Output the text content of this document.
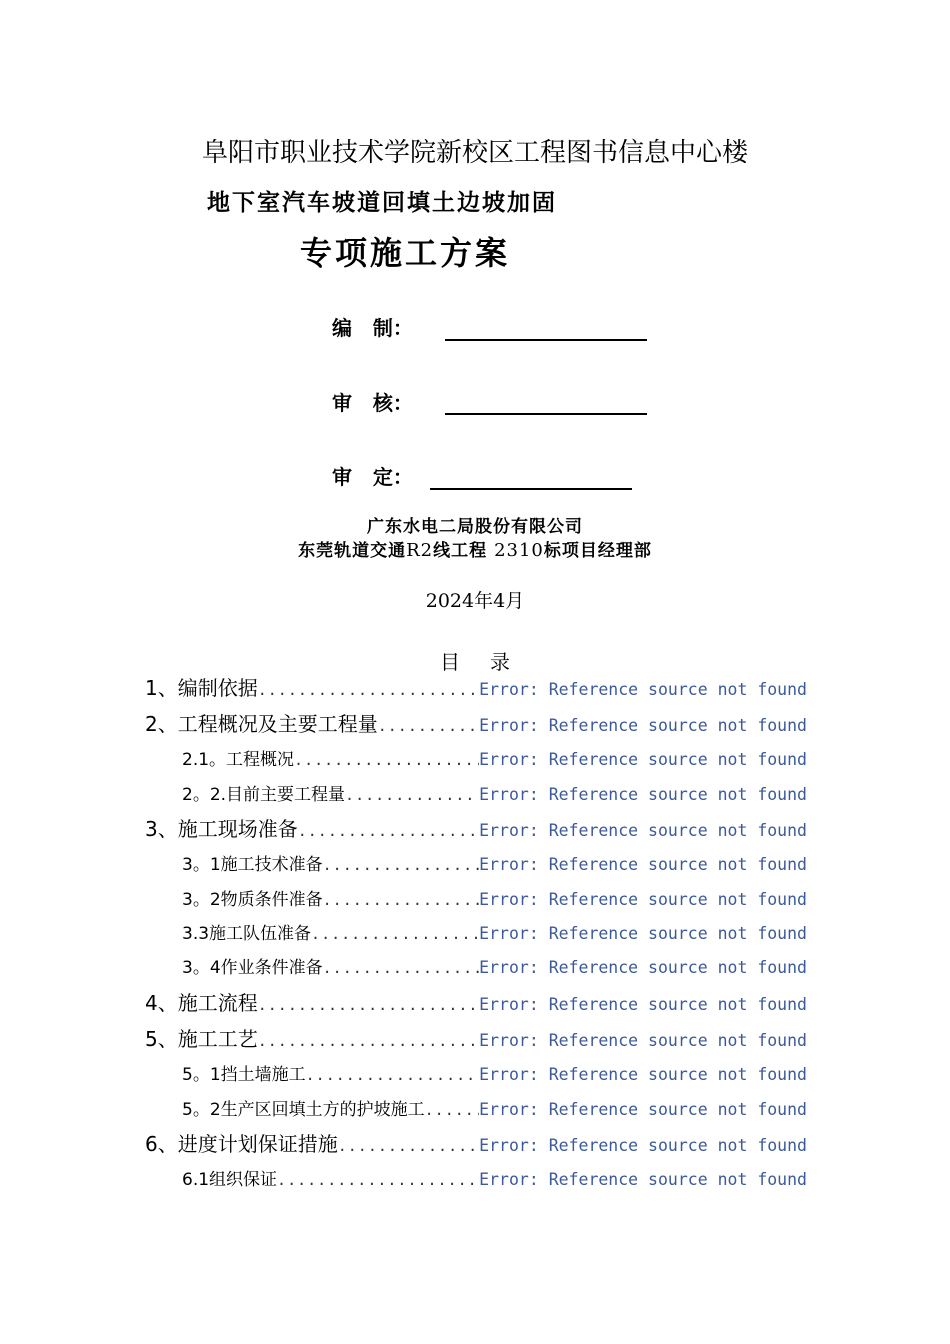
阜阳市职业技术学院新校区工程图书信息中心楼
地下室汽车坡道回填土边坡加固
专项施工方案
编   制：
审   核：
审   定：
广东水电二局股份有限公司
东莞轨道交通R2线工程 2310标项目经理部
2024年4月
目录
1、编制依据 .....	Error: Reference source not found
2、工程概况及主要工程量 .....	Error: Reference source not found
2.1。工程概况 .....	Error: Reference source not found
2。2.目前主要工程量 .....	Error: Reference source not found
3、施工现场准备 .....	Error: Reference source not found
3。1施工技术准备 .....	Error: Reference source not found
3。2物质条件准备 .....	Error: Reference source not found
3.3施工队伍准备 .....	Error: Reference source not found
3。4作业条件准备 .....	Error: Reference source not found
4、施工流程 .....	Error: Reference source not found
5、施工工艺 .....	Error: Reference source not found
5。1挡土墙施工 .....	Error: Reference source not found
5。2生产区回填土方的护坡施工 .....	Error: Reference source not found
6、进度计划保证措施 .....	Error: Reference source not found
6.1组织保证 .....	Error: Reference source not found
